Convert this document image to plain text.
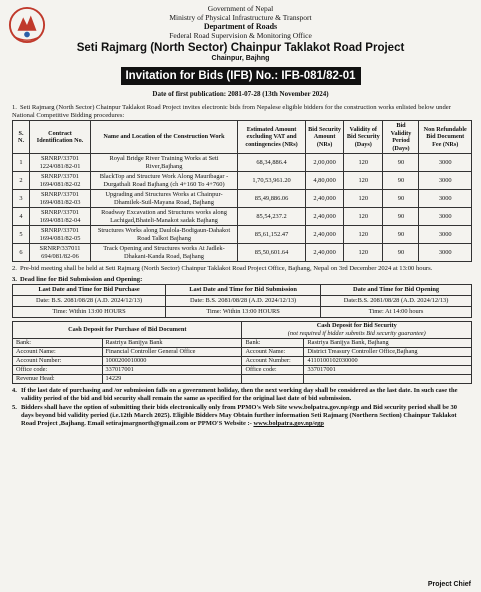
Government of Nepal
Ministry of Physical Infrastructure & Transport
Department of Roads
Federal Road Supervision & Monitoring Office
Seti Rajmarg (North Sector) Chainpur Taklakot Road Project
Chainpur, Bajhng
Invitation for Bids (IFB) No.: IFB-081/82-01
Date of first publication: 2081-07-28 (13th November 2024)
1. Seti Rajmarg (North Sector) Chainpur Taklakot Road Project invites electronic bids from Nepalese eligible bidders for the construction works enlisted below under National Competitive Bidding procedures:
S. N.	Contract Identification No.	Name and Location of the Construction Work	Estimated Amount excluding VAT and contingencies (NRs)	Bid Security Amount (NRs)	Validity of Bid Security (Days)	Bid Validity Period (Days)	Non Refundable Bid Document Fee (NRs)
1	SRNRP/33701 1224/081/82-01	Royal Bridge River Training Works at Seti River,Bajhang	68,34,886.4	2,00,000	120	90	3000
2	SRNRP/33701 1694/081/82-02	BlackTop and Structure Work Along Mauribagar -Durgathali Road Bajhang (ch 4+160 To 4+760)	1,70,53,961.20	4,80,000	120	90	3000
3	SRNRP/33701 1694/081/82-03	Upgrading and Structures Works at Chainpur-Dhamilek-Suil-Mayana Road, Bajhang	85,49,886.06	2,40,000	120	90	3000
4	SRNRP/33701 1694/081/82-04	Roadway Excavation and Structures works along Lachigad,Bhateli-Manakot sadak Bajhang	85,54,237.2	2,40,000	120	90	3000
5	SRNRP/33701 1694/081/82-05	Structures Works along Daulola-Bodigaun-Dahakot Road Talkot Bajhang	85,61,152.47	2,40,000	120	90	3000
6	SRNRP/337011 694/081/82-06	Track Opening and Structures works At Jadlek-Dhakani-Kanda Road, Bajhang	85,50,601.64	2,40,000	120	90	3000
2. Pre-bid meeting shall be held at Seti Rajmarg (North Sector) Chainpur Taklakot Road Project Office, Bajhang, Nepal on 3rd December 2024 at 13:00 hours.
3. Dead line for Bid Submission and Opening:
Last Date and Time for Bid Purchase	Last Date and Time for Bid Submission	Date and Time for Bid Opening
Date: B.S. 2081/08/28 (A.D. 2024/12/13)	Date: B.S. 2081/08/28 (A.D. 2024/12/13)	Date:B.S. 2081/08/28 (A.D. 2024/12/13)
Time: Within 13:00 HOURS	Time: Within 13:00 HOURS	Time: At 14:00 hours
Cash Deposit for Purchase of Bid Document		Cash Deposit for Bid Security
(not required if bidder submits Bid security guarantee)	
Bank:	Rastriya Banijya Bank	Bank:	Rastriya Banijya Bank, Bajhang
Account Name:	Financial Controller General Office	Account Name:	District Treasury Controller Office,Bajhang
Account Number:	1000200010000	Account Number:	4110100102030000
Office code:	337017001	Office code:	337017001
Revenue Head:	14229		
4. If the last date of purchasing and /or submission falls on a government holiday, then the next working day shall be considered as the last date. In such case the validity period of the bid and bid security shall remain the same as specified for the original last date of bid submission.
5. Bidders shall have the option of submitting their bids electronically only from PPMO's Web Site www.bolpatra.gov.np/egp and Bid security period shall be 30 days beyond bid validity period (i.e.12th March 2025). Eligible Bidders May Obtain further information Seti Rajmarg (Northern Section) Chainpur Taklakot Road Project ,Bajhang. Email setirajmargnorth@gmail.com or PPMO'S Website :- www.bolpatra.gov.np/egp
Project Chief
